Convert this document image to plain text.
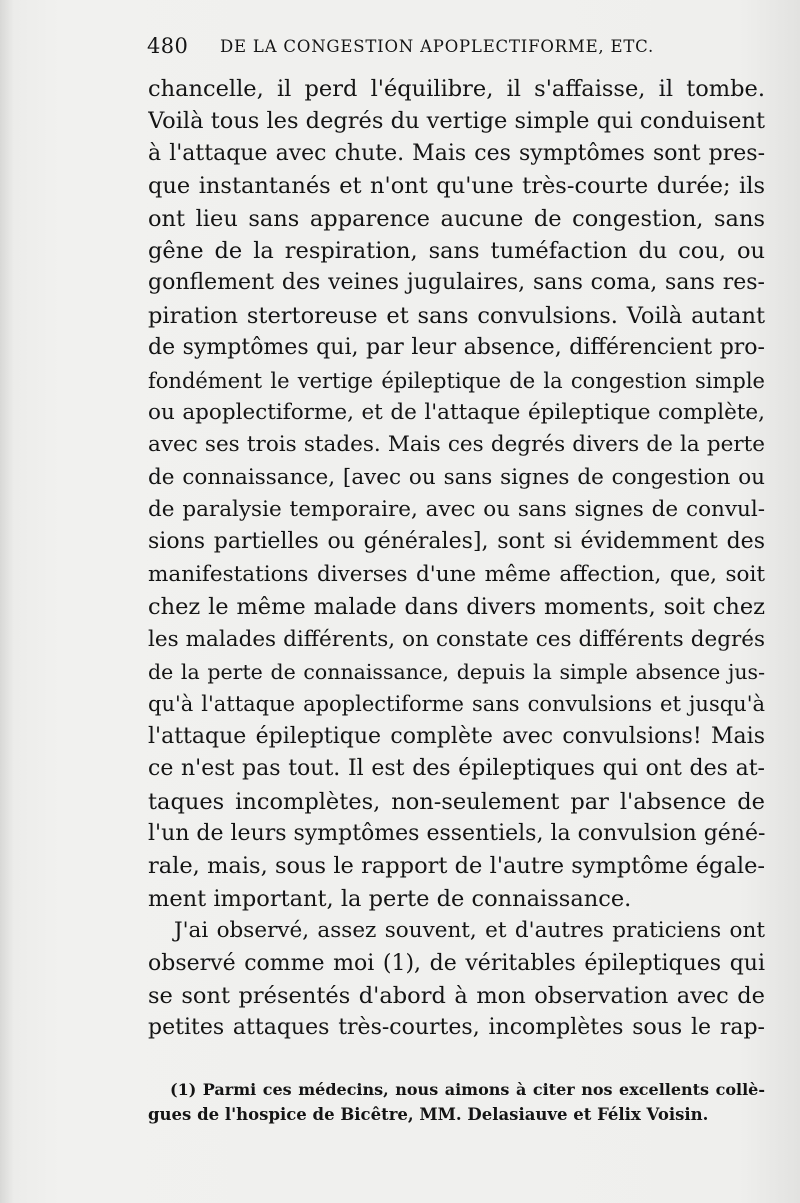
480 DE LA CONGESTION APOPLECTIFORME, ETC.
chancelle, il perd l'équilibre, il s'affaisse, il tombe.
Voilà tous les degrés du vertige simple qui conduisent
à l'attaque avec chute. Mais ces symptômes sont pres-
que instantanés et n'ont qu'une très-courte durée; ils
ont lieu sans apparence aucune de congestion, sans
gêne de la respiration, sans tuméfaction du cou, ou
gonflement des veines jugulaires, sans coma, sans res-
piration stertoreuse et sans convulsions. Voilà autant
de symptômes qui, par leur absence, différencient pro-
fondément le vertige épileptique de la congestion simple
ou apoplectiforme, et de l'attaque épileptique complète,
avec ses trois stades. Mais ces degrés divers de la perte
de connaissance, [avec ou sans signes de congestion ou
de paralysie temporaire, avec ou sans signes de convul-
sions partielles ou générales], sont si évidemment des
manifestations diverses d'une même affection, que, soit
chez le même malade dans divers moments, soit chez
les malades différents, on constate ces différents degrés
de la perte de connaissance, depuis la simple absence jus-
qu'à l'attaque apoplectiforme sans convulsions et jusqu'à
l'attaque épileptique complète avec convulsions! Mais
ce n'est pas tout. Il est des épileptiques qui ont des at-
taques incomplètes, non-seulement par l'absence de
l'un de leurs symptômes essentiels, la convulsion géné-
rale, mais, sous le rapport de l'autre symptôme égale-
ment important, la perte de connaissance.
J'ai observé, assez souvent, et d'autres praticiens ont
observé comme moi (1), de véritables épileptiques qui
se sont présentés d'abord à mon observation avec de
petites attaques très-courtes, incomplètes sous le rap-
(1) Parmi ces médecins, nous aimons à citer nos excellents collè-
gues de l'hospice de Bicêtre, MM. Delasiauve et Félix Voisin.
